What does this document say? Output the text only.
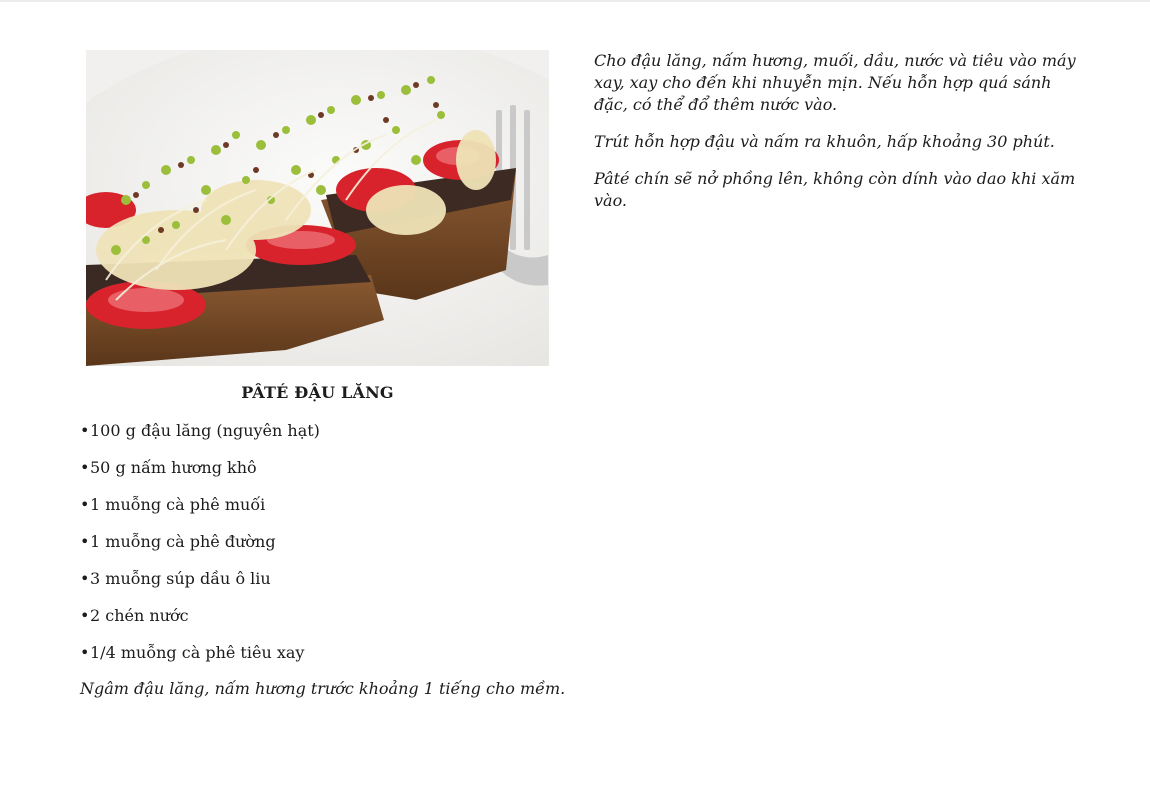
PÂTÉ ĐẬU LĂNG
•100 g đậu lăng (nguyên hạt)
•50 g nấm hương khô
•1 muỗng cà phê muối
•1 muỗng cà phê đường
•3 muỗng súp dầu ô liu
•2 chén nước
•1/4 muỗng cà phê tiêu xay
Ngâm đậu lăng, nấm hương trước khoảng 1 tiếng cho mềm.

Cho đậu lăng, nấm hương, muối, dầu, nước và tiêu vào máy xay, xay cho đến khi nhuyễn mịn. Nếu hỗn hợp quá sánh đặc, có thể đổ thêm nước vào.

Trút hỗn hợp đậu và nấm ra khuôn, hấp khoảng 30 phút.

Pâté chín sẽ nở phồng lên, không còn dính vào dao khi xăm vào.
